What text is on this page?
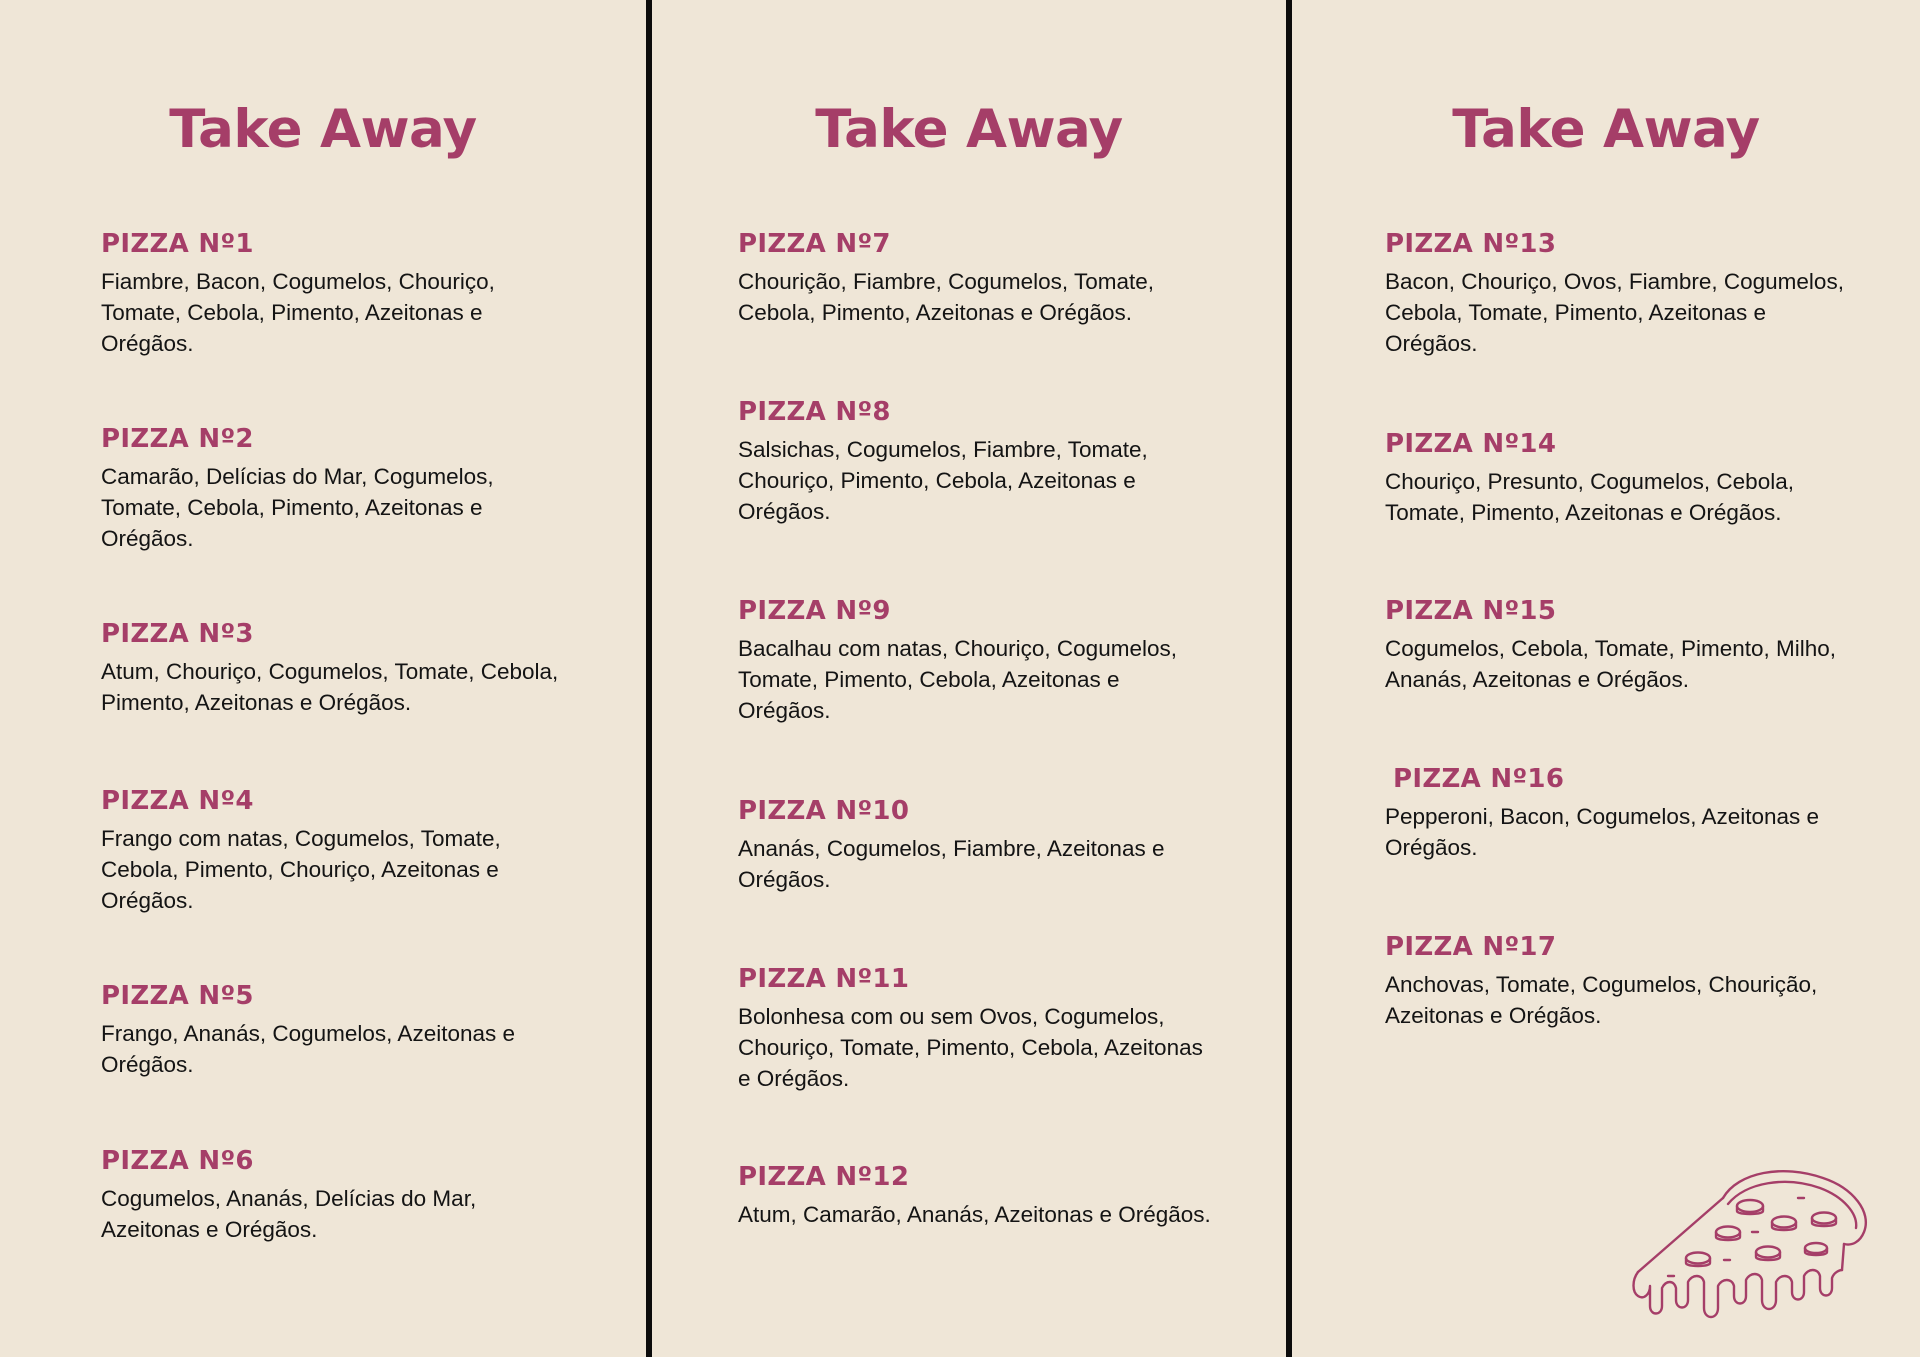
Take Away
PIZZA Nº1
Fiambre, Bacon, Cogumelos, Chouriço, Tomate, Cebola, Pimento, Azeitonas e Orégãos.
PIZZA Nº2
Camarão, Delícias do Mar, Cogumelos, Tomate, Cebola, Pimento, Azeitonas e Orégãos.
PIZZA Nº3
Atum, Chouriço, Cogumelos, Tomate, Cebola, Pimento, Azeitonas e Orégãos.
PIZZA Nº4
Frango com natas, Cogumelos, Tomate, Cebola, Pimento, Chouriço, Azeitonas e Orégãos.
PIZZA Nº5
Frango, Ananás, Cogumelos, Azeitonas e Orégãos.
PIZZA Nº6
Cogumelos, Ananás, Delícias do Mar, Azeitonas e Orégãos.
Take Away
PIZZA Nº7
Chourição, Fiambre, Cogumelos, Tomate, Cebola, Pimento, Azeitonas e Orégãos.
PIZZA Nº8
Salsichas, Cogumelos, Fiambre, Tomate, Chouriço, Pimento, Cebola, Azeitonas e Orégãos.
PIZZA Nº9
Bacalhau com natas, Chouriço, Cogumelos, Tomate, Pimento, Cebola, Azeitonas e Orégãos.
PIZZA Nº10
Ananás, Cogumelos, Fiambre, Azeitonas e Orégãos.
PIZZA Nº11
Bolonhesa com ou sem Ovos, Cogumelos, Chouriço, Tomate, Pimento, Cebola, Azeitonas e Orégãos.
PIZZA Nº12
Atum, Camarão, Ananás, Azeitonas e Orégãos.
Take Away
PIZZA Nº13
Bacon, Chouriço, Ovos, Fiambre, Cogumelos, Cebola, Tomate, Pimento, Azeitonas e Orégãos.
PIZZA Nº14
Chouriço, Presunto, Cogumelos, Cebola, Tomate, Pimento, Azeitonas e Orégãos.
PIZZA Nº15
Cogumelos, Cebola, Tomate, Pimento, Milho, Ananás, Azeitonas e Orégãos.
PIZZA Nº16
Pepperoni, Bacon, Cogumelos, Azeitonas e Orégãos.
PIZZA Nº17
Anchovas, Tomate, Cogumelos, Chourição, Azeitonas e Orégãos.
